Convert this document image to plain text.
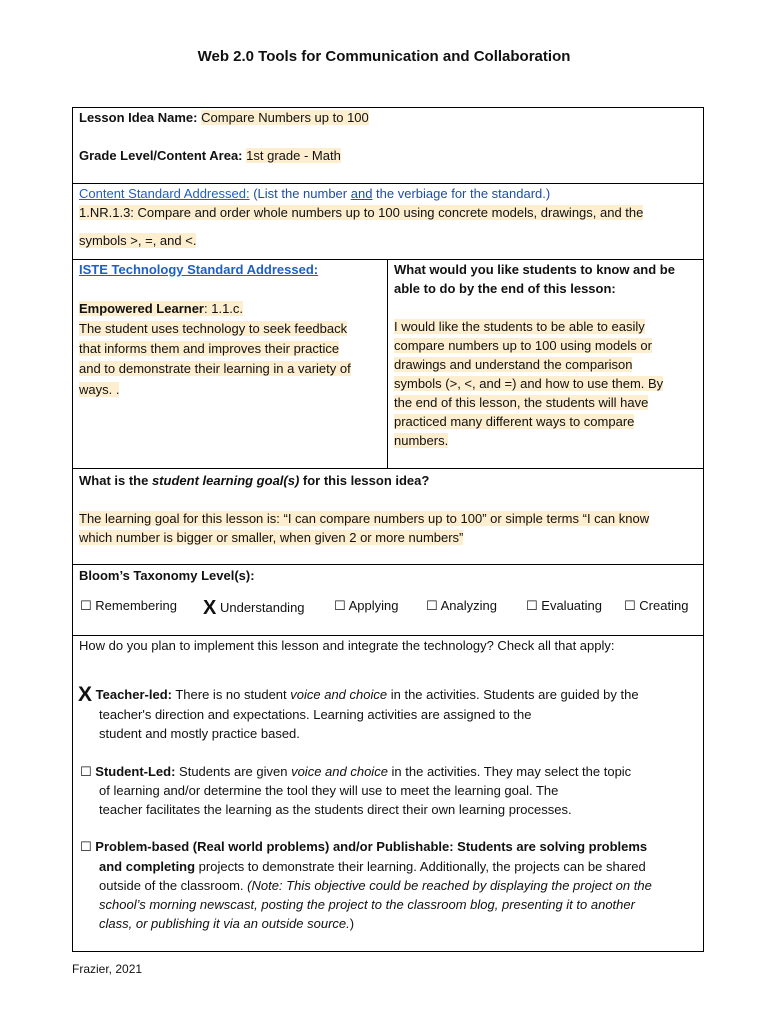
Web 2.0 Tools for Communication and Collaboration
Lesson Idea Name: Compare Numbers up to 100
Grade Level/Content Area: 1st grade - Math
Content Standard Addressed: (List the number and the verbiage for the standard.)
1.NR.1.3: Compare and order whole numbers up to 100 using concrete models, drawings, and the
symbols >, =, and <.
ISTE Technology Standard Addressed:
Empowered Learner: 1.1.c.
The student uses technology to seek feedback
that informs them and improves their practice
and to demonstrate their learning in a variety of
ways. .
What would you like students to know and be
able to do by the end of this lesson:
I would like the students to be able to easily
compare numbers up to 100 using models or
drawings and understand the comparison
symbols (>, <, and =) and how to use them. By
the end of this lesson, the students will have
practiced many different ways to compare
numbers.
What is the student learning goal(s) for this lesson idea?
The learning goal for this lesson is: “I can compare numbers up to 100” or simple terms “I can know
which number is bigger or smaller, when given 2 or more numbers”
Bloom’s Taxonomy Level(s):
☐ Remembering X Understanding ☐ Applying ☐ Analyzing ☐ Evaluating ☐ Creating
How do you plan to implement this lesson and integrate the technology? Check all that apply:
X Teacher-led: There is no student voice and choice in the activities. Students are guided by the
teacher's direction and expectations. Learning activities are assigned to the
student and mostly practice based.
☐ Student-Led: Students are given voice and choice in the activities. They may select the topic
of learning and/or determine the tool they will use to meet the learning goal. The
teacher facilitates the learning as the students direct their own learning processes.
☐ Problem-based (Real world problems) and/or Publishable: Students are solving problems
and completing projects to demonstrate their learning. Additionally, the projects can be shared
outside of the classroom. (Note: This objective could be reached by displaying the project on the
school’s morning newscast, posting the project to the classroom blog, presenting it to another
class, or publishing it via an outside source.)
Frazier, 2021
